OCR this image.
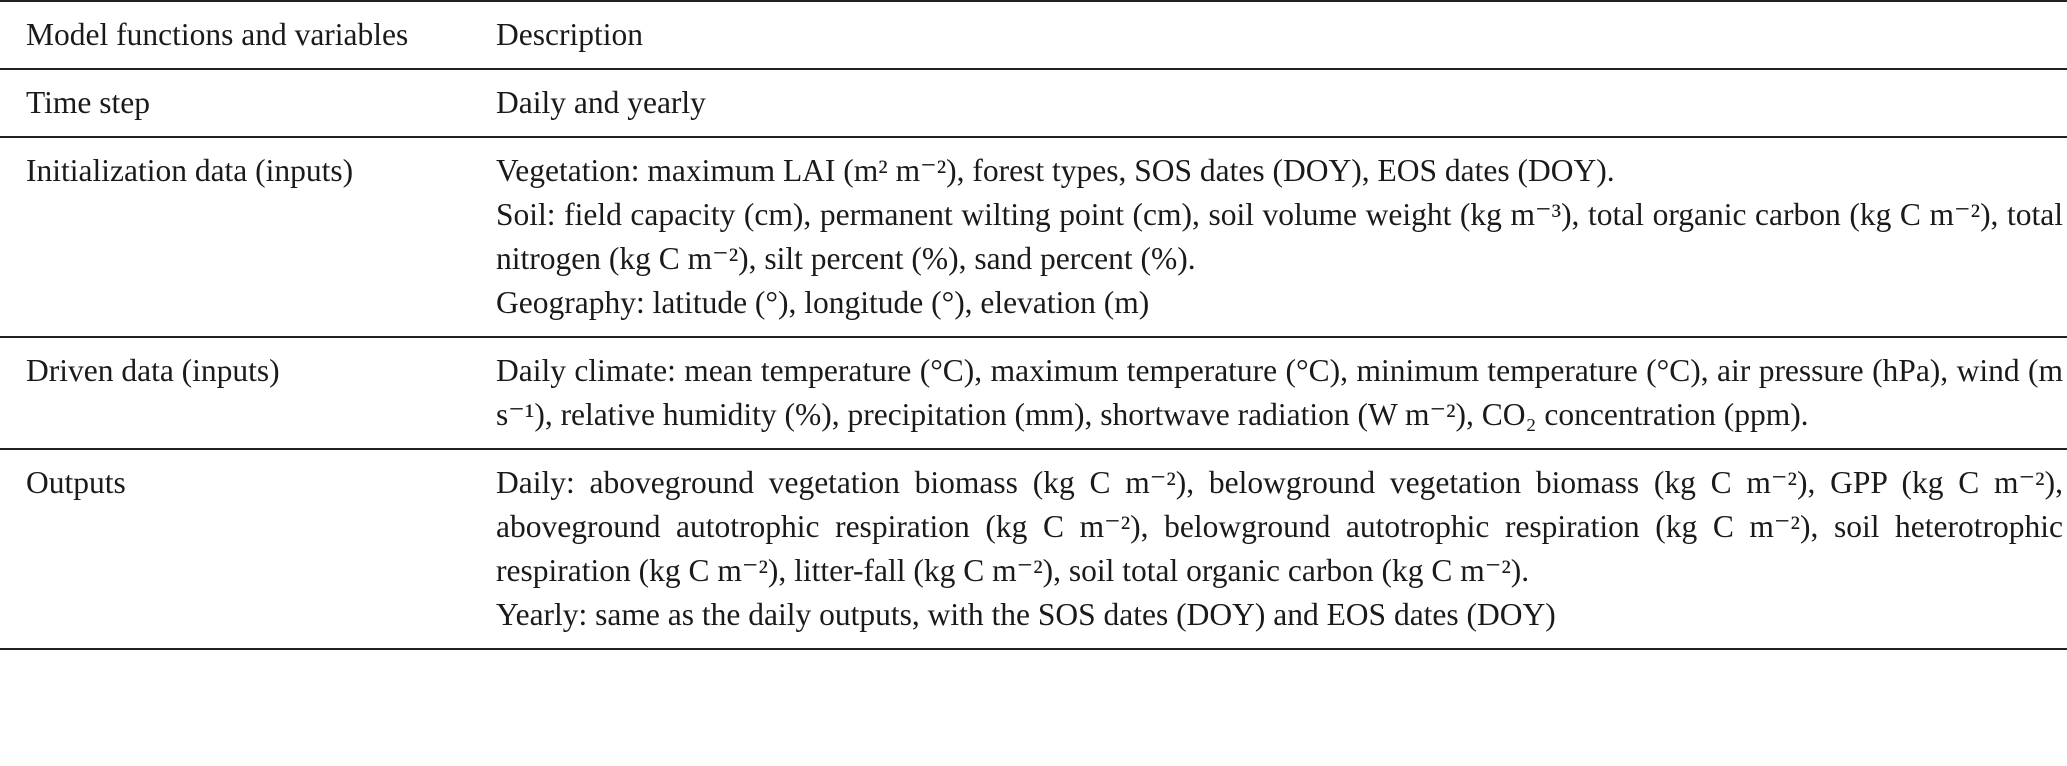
Model functions and variables	Description
Time step	Daily and yearly

Initialization data (inputs)	Vegetation: maximum LAI (m² m⁻²), forest types, SOS dates (DOY), EOS dates (DOY).
Soil: field capacity (cm), permanent wilting point (cm), soil volume weight (kg m⁻³), total organic carbon (kg C m⁻²), total nitrogen (kg C m⁻²), silt percent (%), sand percent (%).
Geography: latitude (°), longitude (°), elevation (m)

Driven data (inputs)	Daily climate: mean temperature (°C), maximum temperature (°C), minimum temperature (°C), air pressure (hPa), wind (m s⁻¹), relative humidity (%), precipitation (mm), shortwave radiation (W m⁻²), CO₂ concentration (ppm).

Outputs	Daily: aboveground vegetation biomass (kg C m⁻²), belowground vegetation biomass (kg C m⁻²), GPP (kg C m⁻²), aboveground autotrophic respiration (kg C m⁻²), belowground autotrophic respiration (kg C m⁻²), soil heterotrophic respiration (kg C m⁻²), litter-fall (kg C m⁻²), soil total organic carbon (kg C m⁻²).
Yearly: same as the daily outputs, with the SOS dates (DOY) and EOS dates (DOY)
